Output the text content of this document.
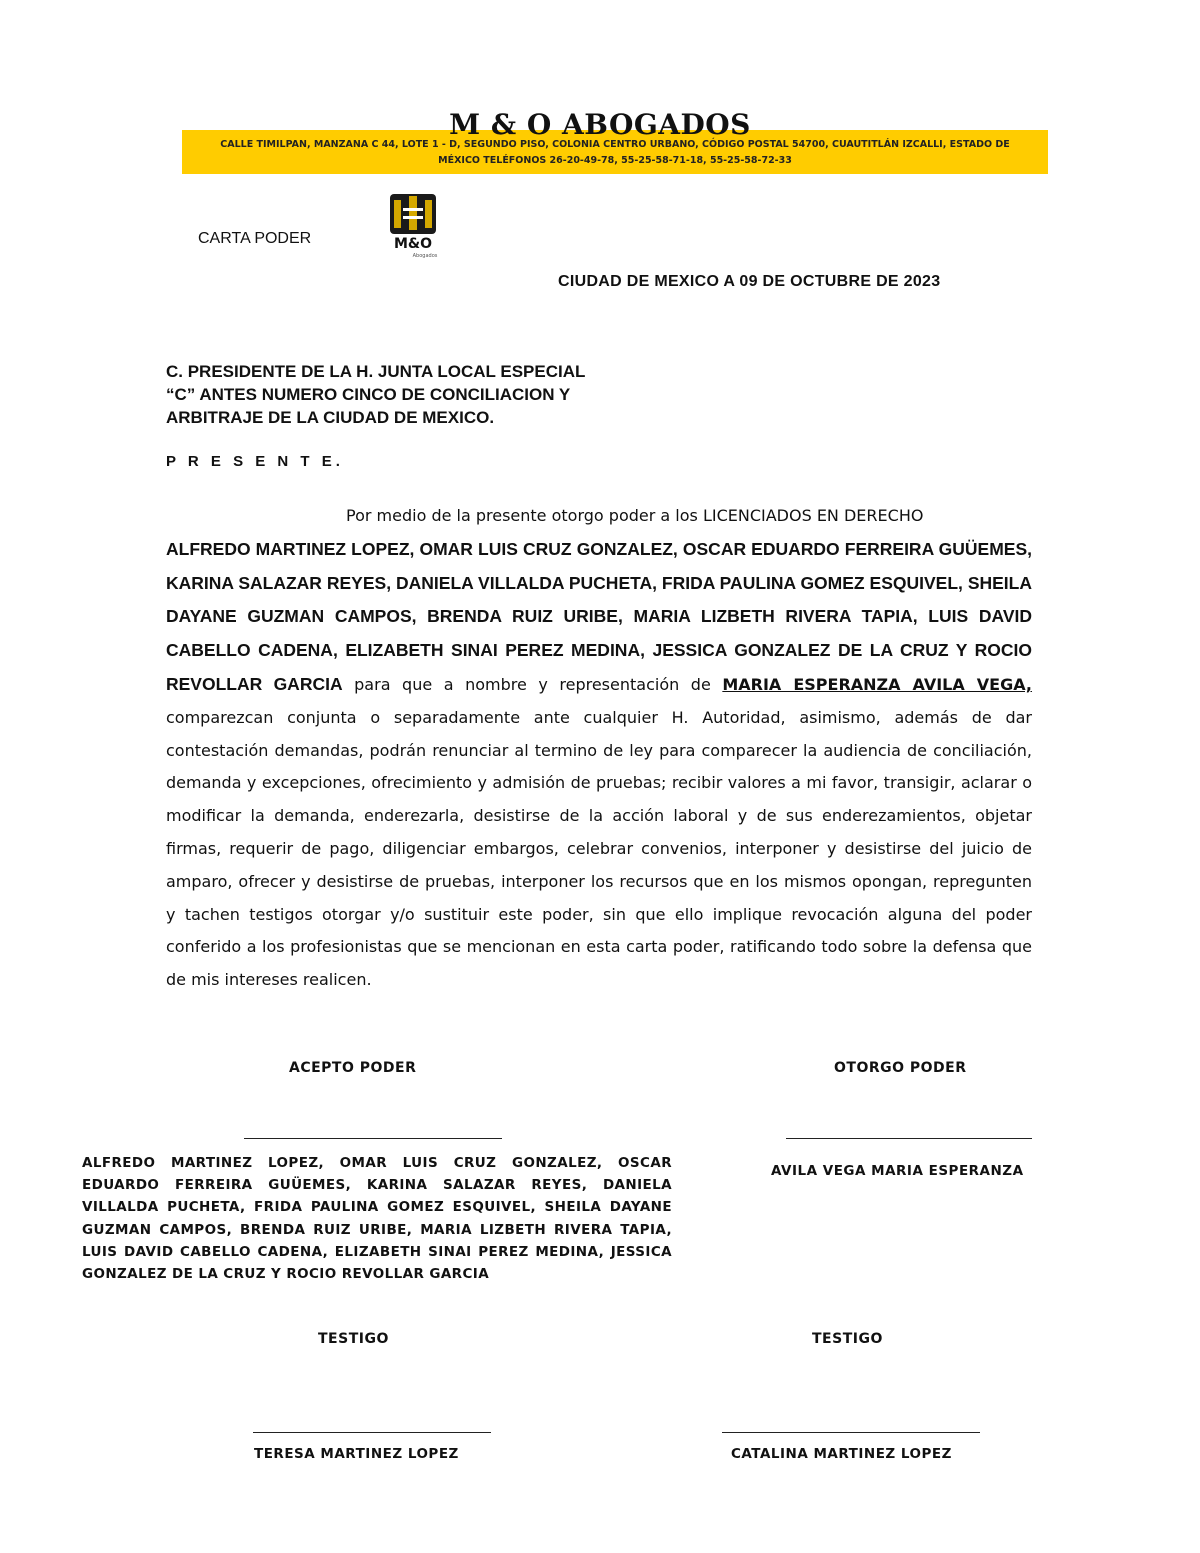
M & O ABOGADOS
CALLE TIMILPAN, MANZANA C 44, LOTE 1 - D, SEGUNDO PISO, COLONIA CENTRO URBANO, CÓDIGO POSTAL 54700, CUAUTITLÁN IZCALLI, ESTADO DE MÉXICO TELÉFONOS 26-20-49-78, 55-25-58-71-18, 55-25-58-72-33
CARTA PODER	M&O
Abogados
CIUDAD DE MEXICO A 09 DE OCTUBRE DE 2023
C. PRESIDENTE DE LA H. JUNTA LOCAL ESPECIAL
“C” ANTES NUMERO CINCO DE CONCILIACION Y
ARBITRAJE DE LA CIUDAD DE MEXICO.
P R E S E N T E.
Por medio de la presente otorgo poder a los LICENCIADOS EN DERECHO
ALFREDO MARTINEZ LOPEZ, OMAR LUIS CRUZ GONZALEZ, OSCAR EDUARDO FERREIRA GUÜEMES, KARINA SALAZAR REYES, DANIELA VILLALDA PUCHETA, FRIDA PAULINA GOMEZ ESQUIVEL, SHEILA DAYANE GUZMAN CAMPOS, BRENDA RUIZ URIBE, MARIA LIZBETH RIVERA TAPIA, LUIS DAVID CABELLO CADENA, ELIZABETH SINAI PEREZ MEDINA, JESSICA GONZALEZ DE LA CRUZ Y ROCIO REVOLLAR GARCIA para que a nombre y representación de MARIA ESPERANZA AVILA VEGA, comparezcan conjunta o separadamente ante cualquier H. Autoridad, asimismo, además de dar contestación demandas, podrán renunciar al termino de ley para comparecer la audiencia de conciliación, demanda y excepciones, ofrecimiento y admisión de pruebas; recibir valores a mi favor, transigir, aclarar o modificar la demanda, enderezarla, desistirse de la acción laboral y de sus enderezamientos, objetar firmas, requerir de pago, diligenciar embargos, celebrar convenios, interponer y desistirse del juicio de amparo, ofrecer y desistirse de pruebas, interponer los recursos que en los mismos opongan, repregunten y tachen testigos otorgar y/o sustituir este poder, sin que ello implique revocación alguna del poder conferido a los profesionistas que se mencionan en esta carta poder, ratificando todo sobre la defensa que de mis intereses realicen.
ACEPTO PODER	OTORGO PODER
ALFREDO MARTINEZ LOPEZ, OMAR LUIS CRUZ GONZALEZ, OSCAR EDUARDO FERREIRA GUÜEMES, KARINA SALAZAR REYES, DANIELA VILLALDA PUCHETA, FRIDA PAULINA GOMEZ ESQUIVEL, SHEILA DAYANE GUZMAN CAMPOS, BRENDA RUIZ URIBE, MARIA LIZBETH RIVERA TAPIA, LUIS DAVID CABELLO CADENA, ELIZABETH SINAI PEREZ MEDINA, JESSICA GONZALEZ DE LA CRUZ Y ROCIO REVOLLAR GARCIA
AVILA VEGA MARIA ESPERANZA
TESTIGO	TESTIGO
TERESA MARTINEZ LOPEZ	CATALINA MARTINEZ LOPEZ
